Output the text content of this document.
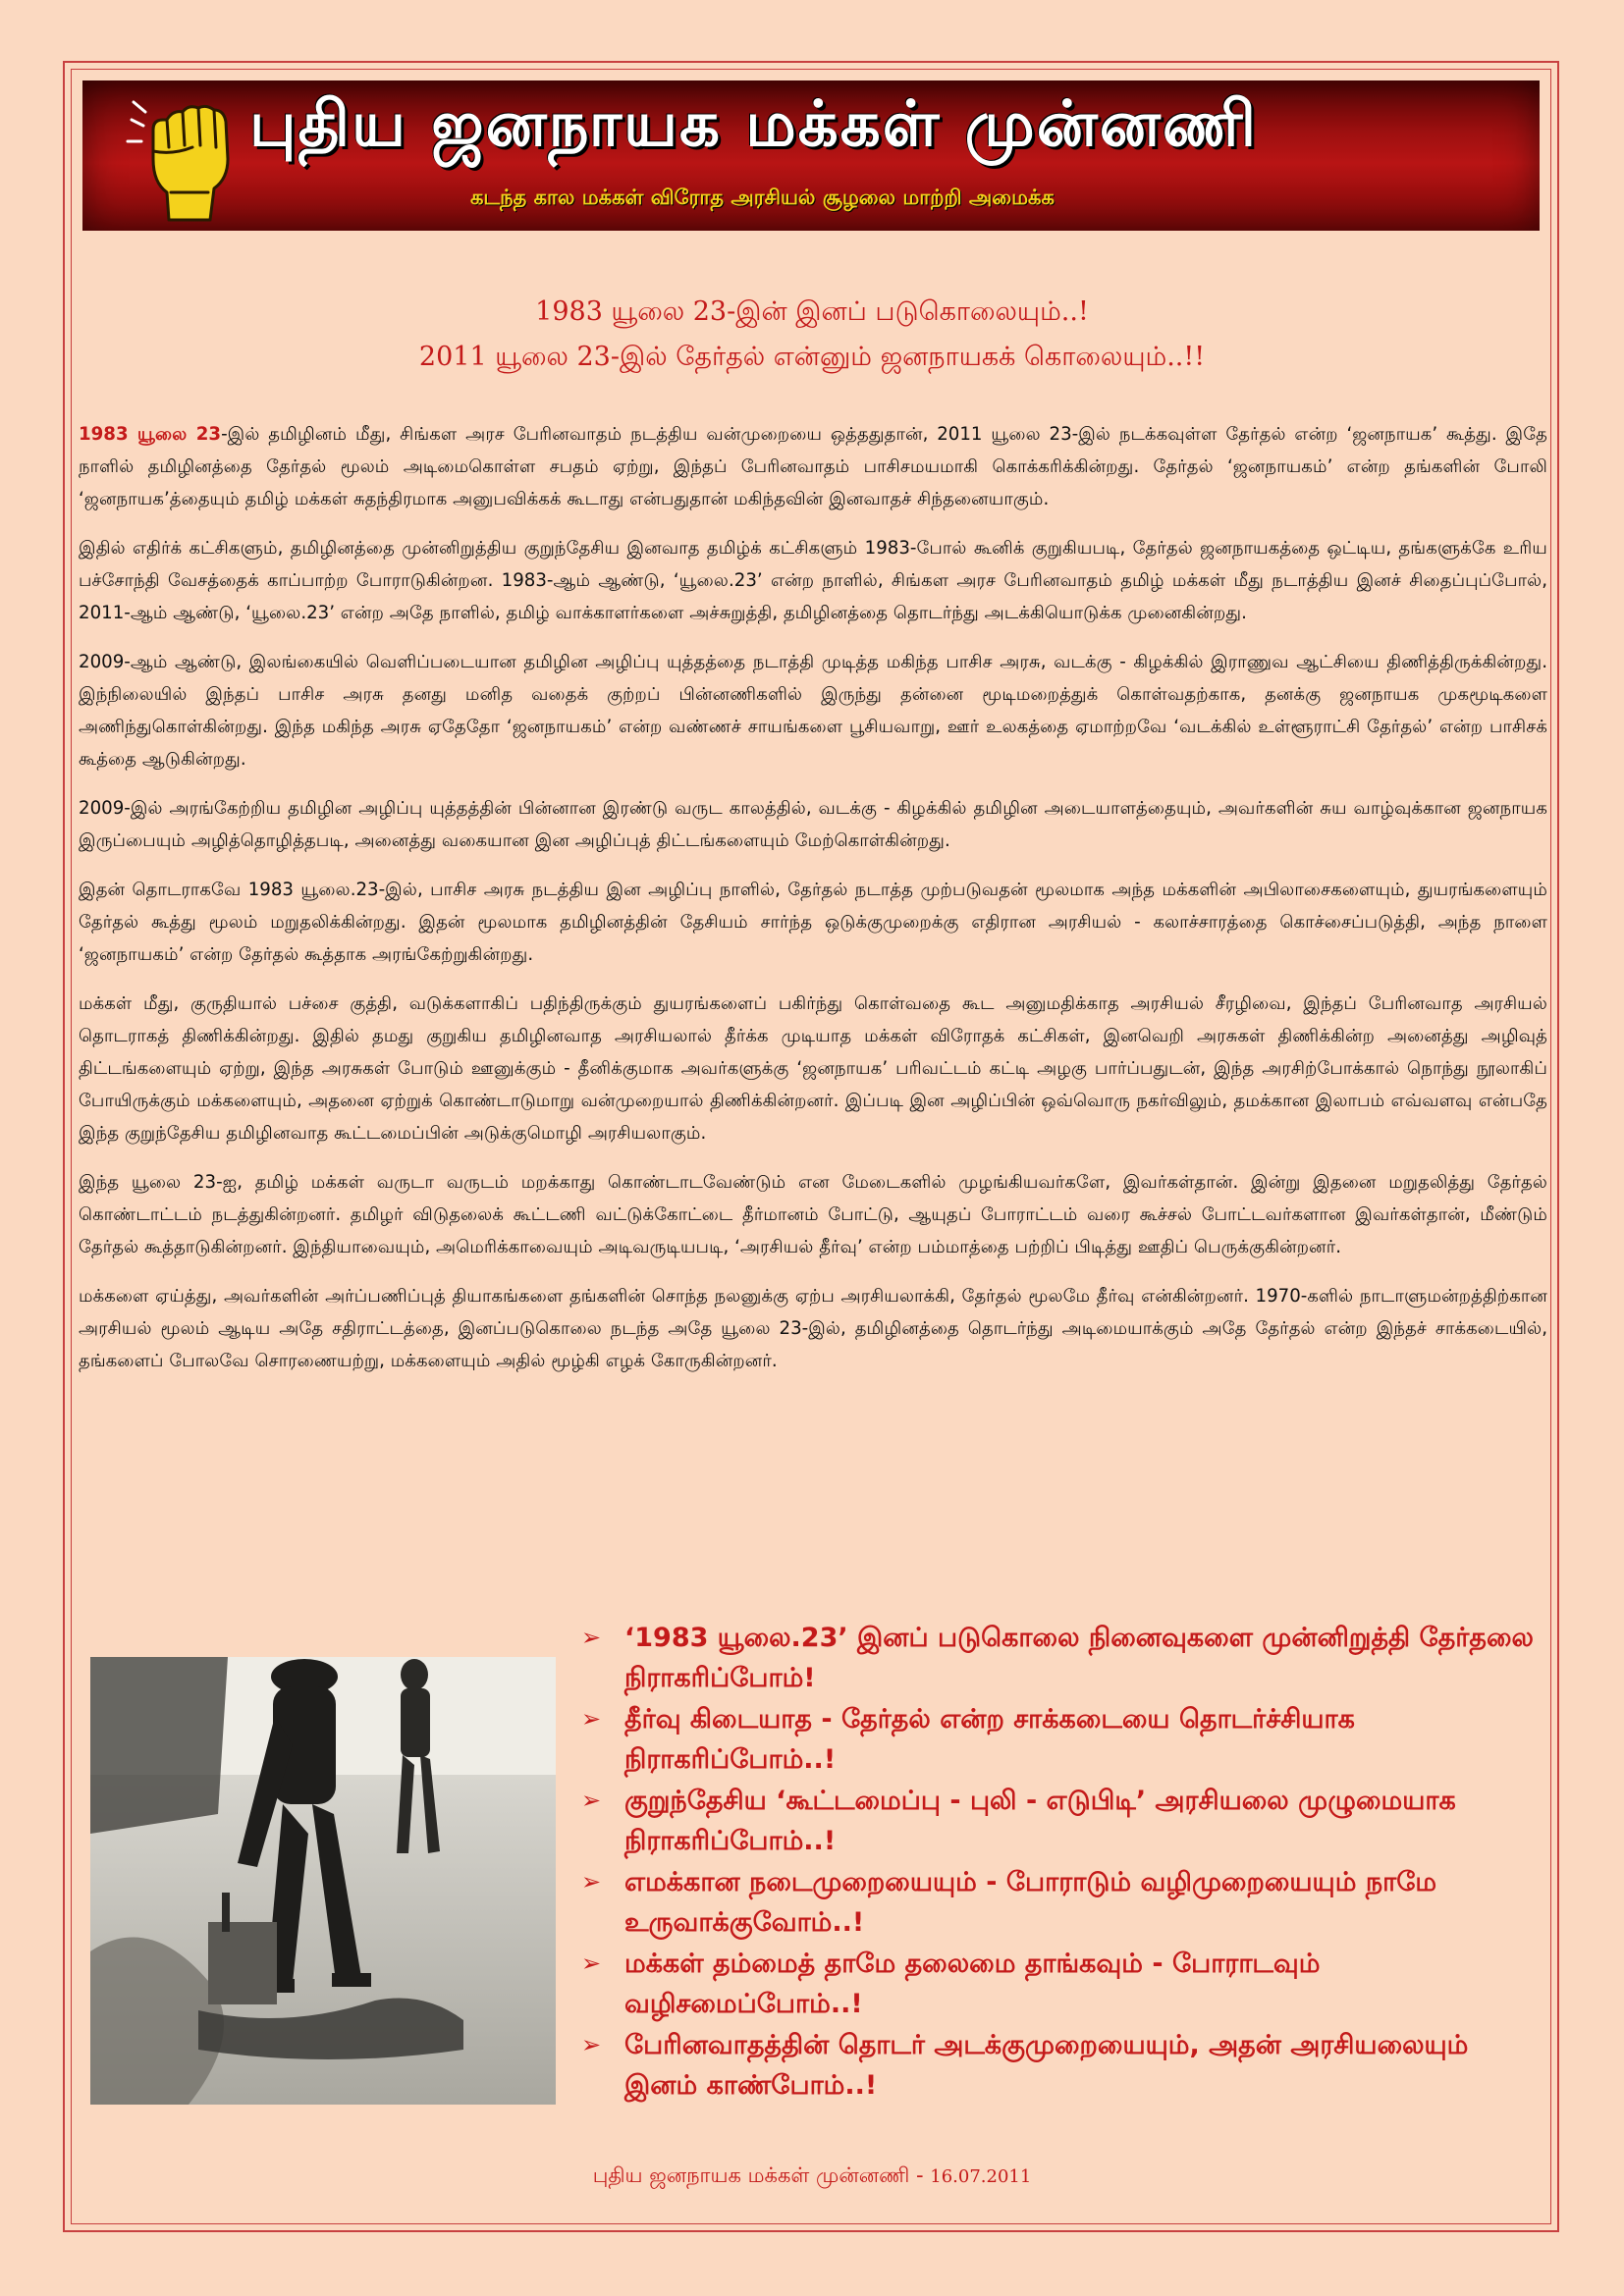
புதிய ஜனநாயக மக்கள் முன்னணி
கடந்த கால மக்கள் விரோத அரசியல் சூழலை மாற்றி அமைக்க
1983 யூலை 23-இன் இனப் படுகொலையும்..!
2011 யூலை 23-இல் தேர்தல் என்னும் ஜனநாயகக் கொலையும்..!!

1983 யூலை 23-இல் தமிழினம் மீது, சிங்கள அரச பேரினவாதம் நடத்திய வன்முறையை ஒத்ததுதான், 2011 யூலை 23-இல் நடக்கவுள்ள தேர்தல் என்ற ‘ஜனநாயக’ கூத்து. இதே நாளில் தமிழினத்தை தேர்தல் மூலம் அடிமைகொள்ள சபதம் ஏற்று, இந்தப் பேரினவாதம் பாசிசமயமாகி கொக்கரிக்கின்றது. தேர்தல் ‘ஜனநாயகம்’ என்ற தங்களின் போலி ‘ஜனநாயக’த்தையும் தமிழ் மக்கள் சுதந்திரமாக அனுபவிக்கக் கூடாது என்பதுதான் மகிந்தவின் இனவாதச் சிந்தனையாகும்.

இதில் எதிர்க் கட்சிகளும், தமிழினத்தை முன்னிறுத்திய குறுந்தேசிய இனவாத தமிழ்க் கட்சிகளும் 1983-போல் கூனிக் குறுகியபடி, தேர்தல் ஜனநாயகத்தை ஒட்டிய, தங்களுக்கே உரிய பச்சோந்தி வேசத்தைக் காப்பாற்ற போராடுகின்றன. 1983-ஆம் ஆண்டு, ‘யூலை.23’ என்ற நாளில், சிங்கள அரச பேரினவாதம் தமிழ் மக்கள் மீது நடாத்திய இனச் சிதைப்புப்போல், 2011-ஆம் ஆண்டு, ‘யூலை.23’ என்ற அதே நாளில், தமிழ் வாக்காளர்களை அச்சுறுத்தி, தமிழினத்தை தொடர்ந்து அடக்கியொடுக்க முனைகின்றது.

2009-ஆம் ஆண்டு, இலங்கையில் வெளிப்படையான தமிழின அழிப்பு யுத்தத்தை நடாத்தி முடித்த மகிந்த பாசிச அரசு, வடக்கு - கிழக்கில் இராணுவ ஆட்சியை திணித்திருக்கின்றது. இந்நிலையில் இந்தப் பாசிச அரசு தனது மனித வதைக் குற்றப் பின்னணிகளில் இருந்து தன்னை மூடிமறைத்துக் கொள்வதற்காக, தனக்கு ஜனநாயக முகமூடிகளை அணிந்துகொள்கின்றது. இந்த மகிந்த அரசு ஏதேதோ ‘ஜனநாயகம்’ என்ற வண்ணச் சாயங்களை பூசியவாறு, ஊர் உலகத்தை ஏமாற்றவே ‘வடக்கில் உள்ளூராட்சி தேர்தல்’ என்ற பாசிசக் கூத்தை ஆடுகின்றது.

2009-இல் அரங்கேற்றிய தமிழின அழிப்பு யுத்தத்தின் பின்னான இரண்டு வருட காலத்தில், வடக்கு - கிழக்கில் தமிழின அடையாளத்தையும், அவர்களின் சுய வாழ்வுக்கான ஜனநாயக இருப்பையும் அழித்தொழித்தபடி, அனைத்து வகையான இன அழிப்புத் திட்டங்களையும் மேற்கொள்கின்றது.

இதன் தொடராகவே 1983 யூலை.23-இல், பாசிச அரசு நடத்திய இன அழிப்பு நாளில், தேர்தல் நடாத்த முற்படுவதன் மூலமாக அந்த மக்களின் அபிலாசைகளையும், துயரங்களையும் தேர்தல் கூத்து மூலம் மறுதலிக்கின்றது. இதன் மூலமாக தமிழினத்தின் தேசியம் சார்ந்த ஒடுக்குமுறைக்கு எதிரான அரசியல் - கலாச்சாரத்தை கொச்சைப்படுத்தி, அந்த நாளை ‘ஜனநாயகம்’ என்ற தேர்தல் கூத்தாக அரங்கேற்றுகின்றது.

மக்கள் மீது, குருதியால் பச்சை குத்தி, வடுக்களாகிப் பதிந்திருக்கும் துயரங்களைப் பகிர்ந்து கொள்வதை கூட அனுமதிக்காத அரசியல் சீரழிவை, இந்தப் பேரினவாத அரசியல் தொடராகத் திணிக்கின்றது. இதில் தமது குறுகிய தமிழினவாத அரசியலால் தீர்க்க முடியாத மக்கள் விரோதக் கட்சிகள், இனவெறி அரசுகள் திணிக்கின்ற அனைத்து அழிவுத் திட்டங்களையும் ஏற்று, இந்த அரசுகள் போடும் ஊனுக்கும் - தீனிக்குமாக அவர்களுக்கு ‘ஜனநாயக’ பரிவட்டம் கட்டி அழகு பார்ப்பதுடன், இந்த அரசிற்போக்கால் நொந்து நூலாகிப் போயிருக்கும் மக்களையும், அதனை ஏற்றுக் கொண்டாடுமாறு வன்முறையால் திணிக்கின்றனர். இப்படி இன அழிப்பின் ஒவ்வொரு நகர்விலும், தமக்கான இலாபம் எவ்வளவு என்பதே இந்த குறுந்தேசிய தமிழினவாத கூட்டமைப்பின் அடுக்குமொழி அரசியலாகும்.

இந்த யூலை 23-ஐ, தமிழ் மக்கள் வருடா வருடம் மறக்காது கொண்டாடவேண்டும் என மேடைகளில் முழங்கியவர்களே, இவர்கள்தான். இன்று இதனை மறுதலித்து தேர்தல் கொண்டாட்டம் நடத்துகின்றனர். தமிழர் விடுதலைக் கூட்டணி வட்டுக்கோட்டை தீர்மானம் போட்டு, ஆயுதப் போராட்டம் வரை கூச்சல் போட்டவர்களான இவர்கள்தான், மீண்டும் தேர்தல் கூத்தாடுகின்றனர். இந்தியாவையும், அமெரிக்காவையும் அடிவருடியபடி, ‘அரசியல் தீர்வு’ என்ற பம்மாத்தை பற்றிப் பிடித்து ஊதிப் பெருக்குகின்றனர்.

மக்களை ஏய்த்து, அவர்களின் அர்ப்பணிப்புத் தியாகங்களை தங்களின் சொந்த நலனுக்கு ஏற்ப அரசியலாக்கி, தேர்தல் மூலமே தீர்வு என்கின்றனர். 1970-களில் நாடாளுமன்றத்திற்கான அரசியல் மூலம் ஆடிய அதே சதிராட்டத்தை, இனப்படுகொலை நடந்த அதே யூலை 23-இல், தமிழினத்தை தொடர்ந்து அடிமையாக்கும் அதே தேர்தல் என்ற இந்தச் சாக்கடையில், தங்களைப் போலவே சொரணையற்று, மக்களையும் அதில் மூழ்கி எழக் கோருகின்றனர்.

➢ ‘1983 யூலை.23’ இனப் படுகொலை நினைவுகளை முன்னிறுத்தி தேர்தலை நிராகரிப்போம்!
➢ தீர்வு கிடையாத - தேர்தல் என்ற சாக்கடையை தொடர்ச்சியாக நிராகரிப்போம்..!
➢ குறுந்தேசிய ‘கூட்டமைப்பு - புலி - எடுபிடி’ அரசியலை முழுமையாக நிராகரிப்போம்..!
➢ எமக்கான நடைமுறையையும் - போராடும் வழிமுறையையும் நாமே உருவாக்குவோம்..!
➢ மக்கள் தம்மைத் தாமே தலைமை தாங்கவும் - போராடவும் வழிசமைப்போம்..!
➢ பேரினவாதத்தின் தொடர் அடக்குமுறையையும், அதன் அரசியலையும் இனம் காண்போம்..!
புதிய ஜனநாயக மக்கள் முன்னணி - 16.07.2011
